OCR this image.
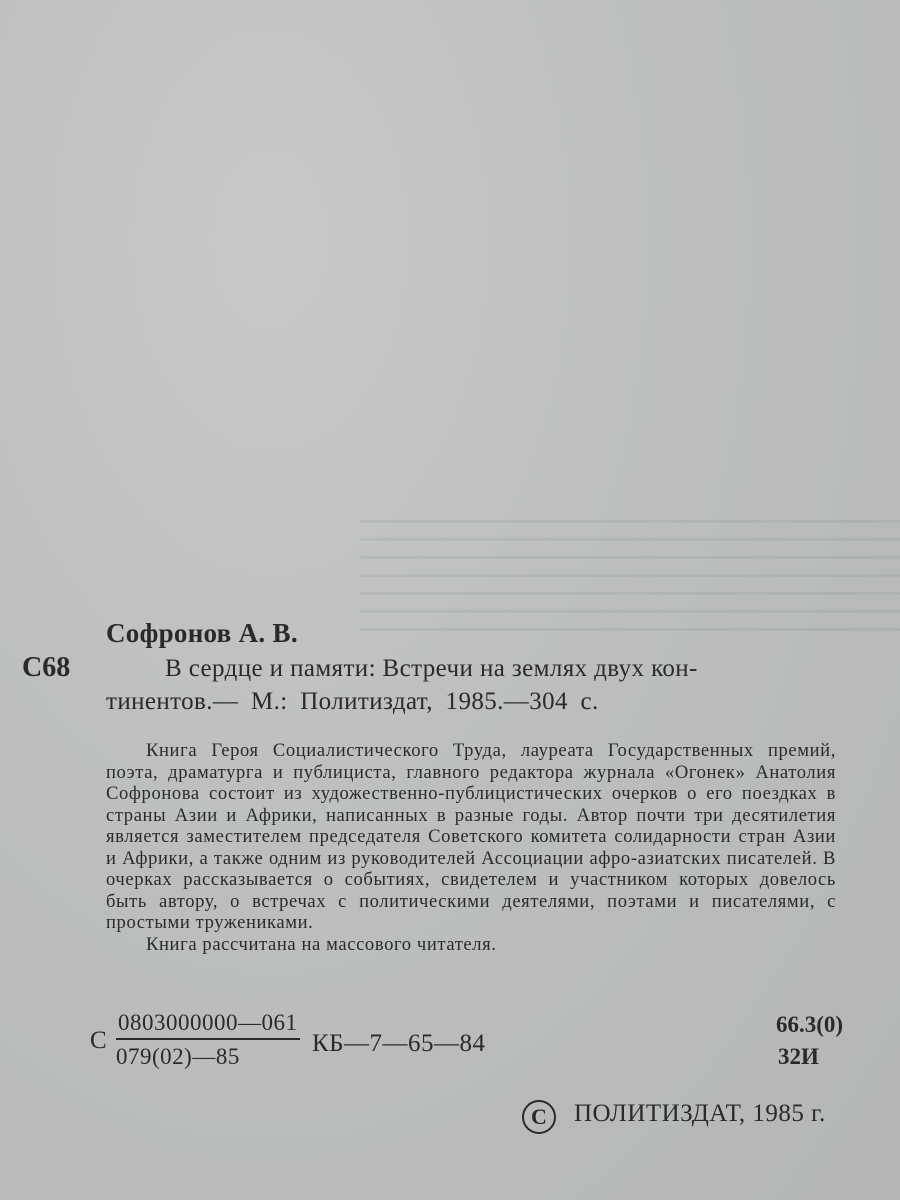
Софронов А. В.
С68	В сердце и памяти: Встречи на землях двух кон-
тинентов.— М.: Политиздат, 1985.—304 с.

Книга Героя Социалистического Труда, лауреата Государственных премий, поэта, драматурга и публициста, главного редактора журнала «Огонек» Анатолия Софронова состоит из художественно-публицистических очерков о его поездках в страны Азии и Африки, написанных в разные годы. Автор почти три десятилетия является заместителем председателя Советского комитета солидарности стран Азии и Африки, а также одним из руководителей Ассоциации афро-азиатских писателей. В очерках рассказывается о событиях, свидетелем и участником которых довелось быть автору, о встречах с политическими деятелями, поэтами и писателями, с простыми тружениками.

Книга рассчитана на массового читателя.

С
0803000000—061
079(02)—85	КБ—7—65—84
66.3(0)
32И
C	ПОЛИТИЗДАТ, 1985 г.
